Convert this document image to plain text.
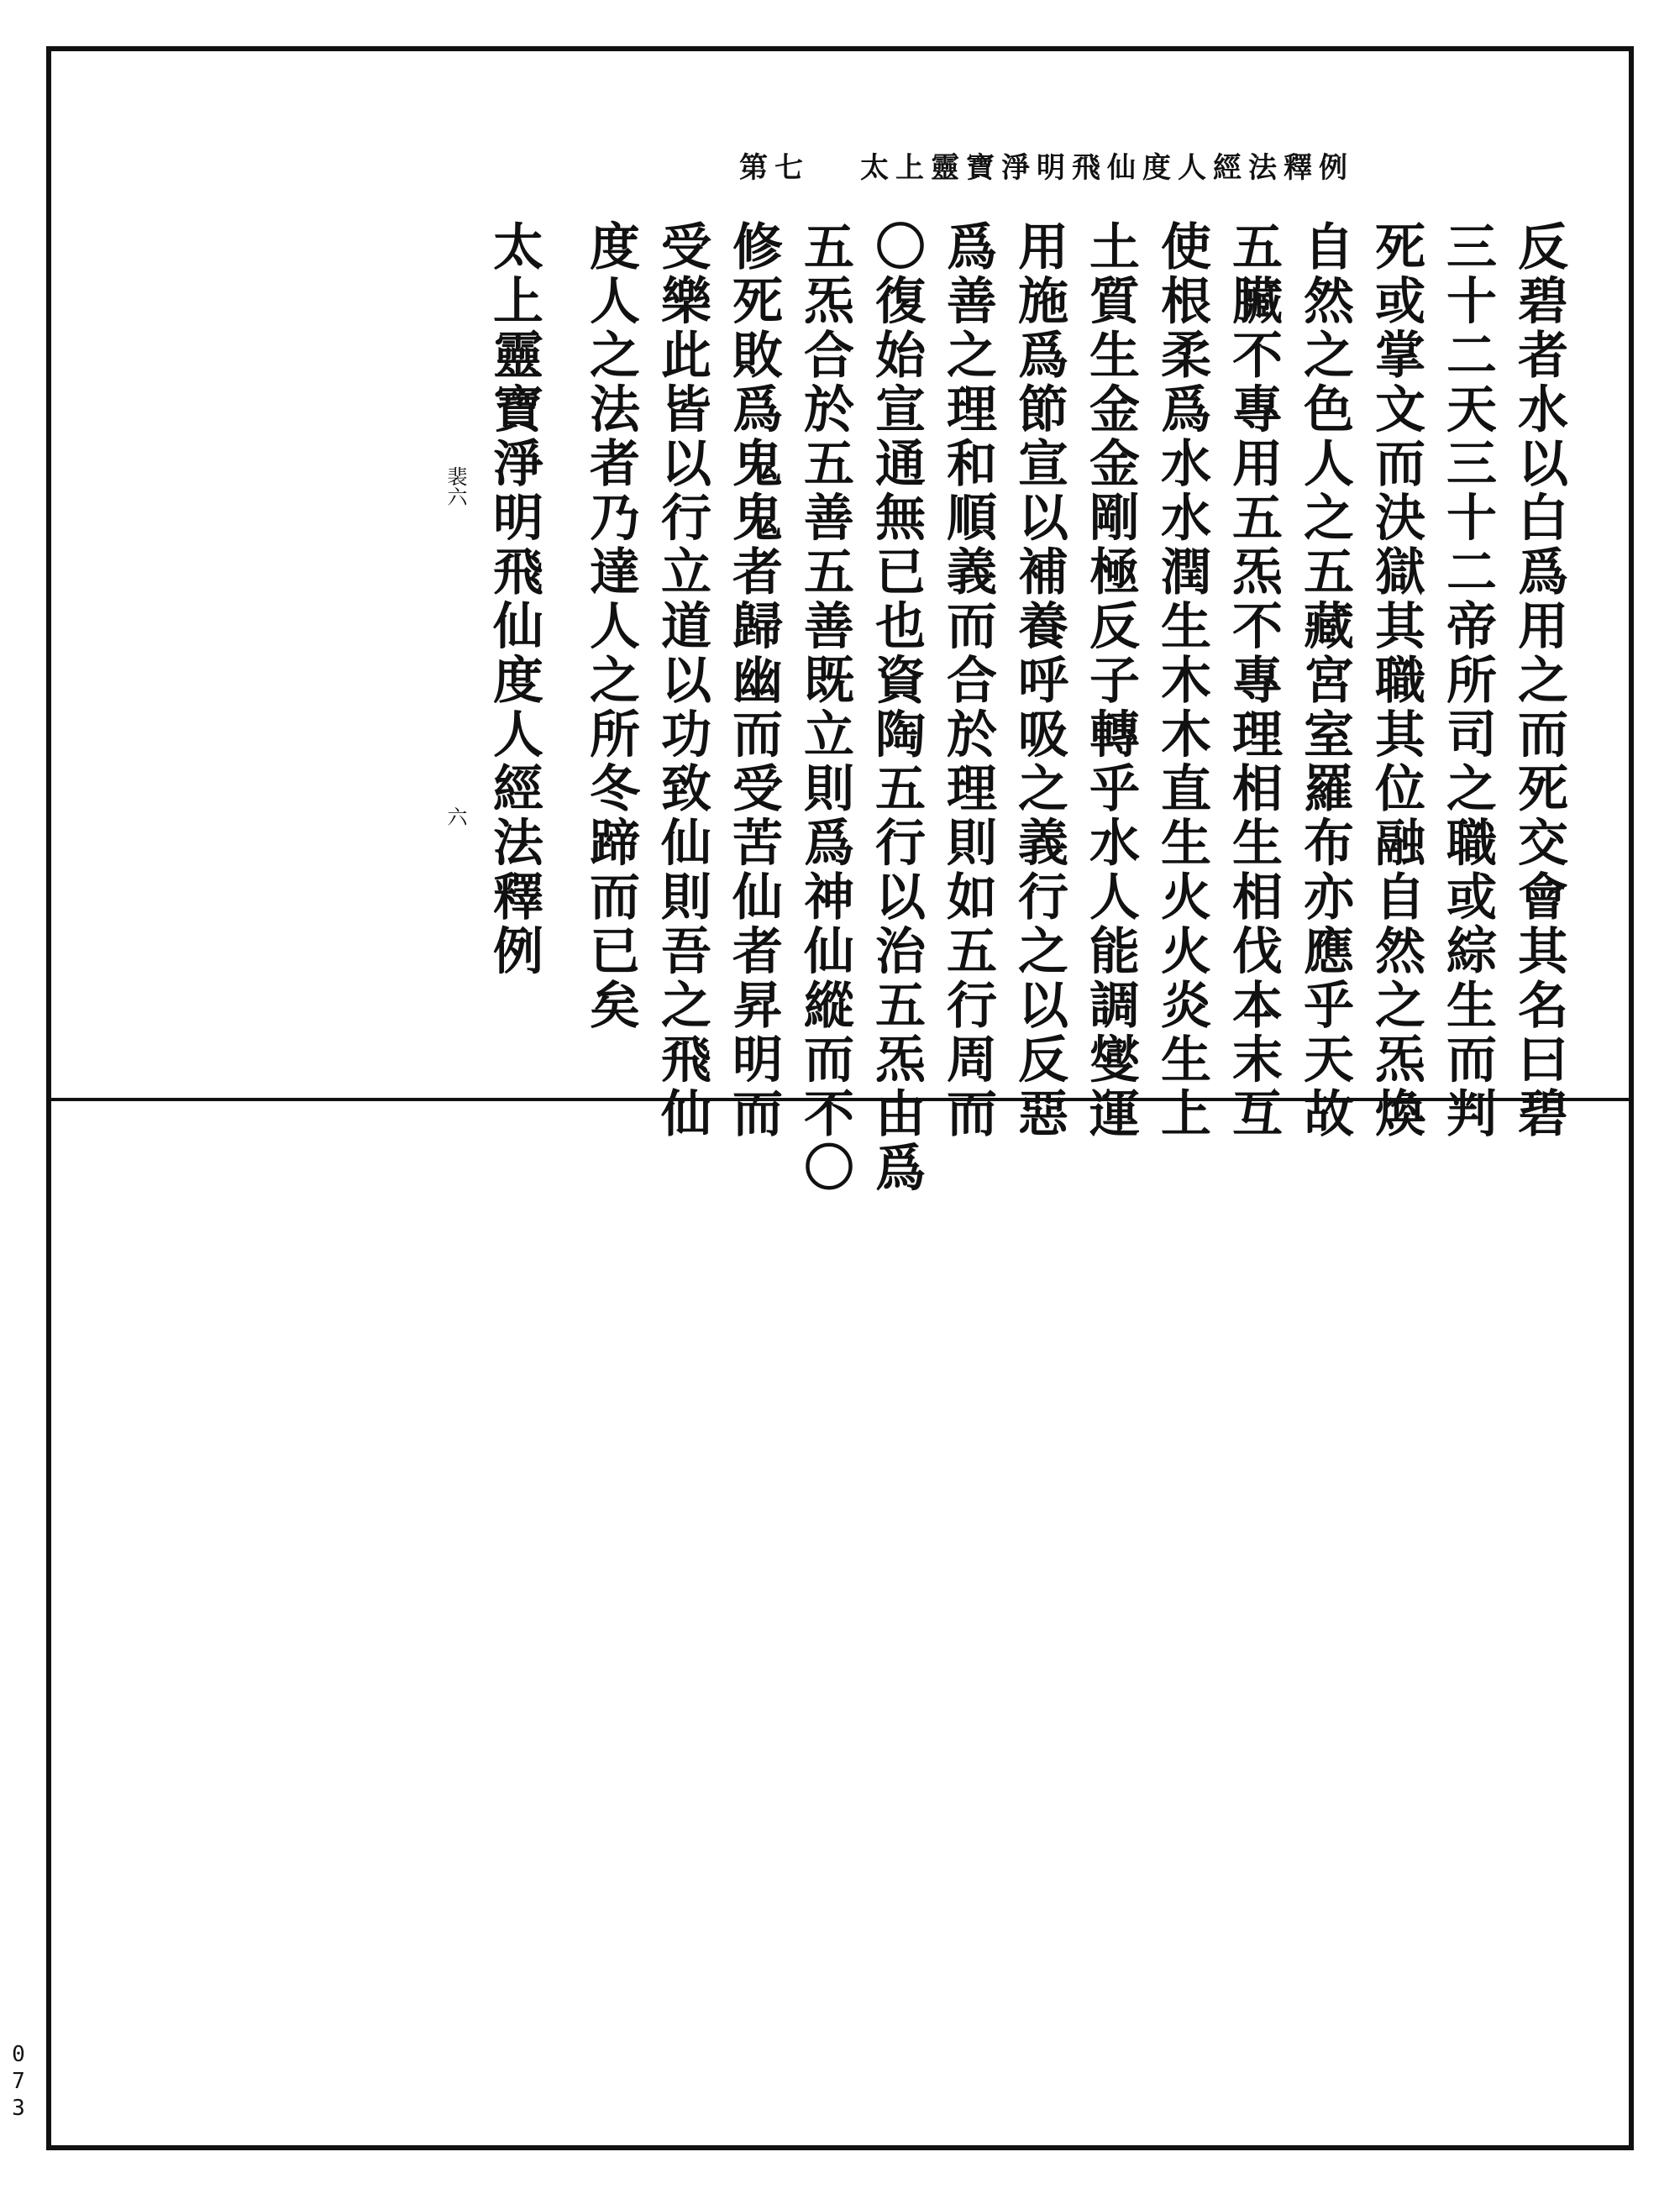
第七 太上靈寶淨明飛仙度人經法釋例
反碧者水以白爲用之而死交會其名曰碧
三十二天三十二帝所司之職或綜生而判
死或掌文而決獄其職其位融自然之炁煥
自然之色人之五藏宮室羅布亦應乎天故
五臟不專用五炁不專理相生相伐本末互
使根柔爲水水潤生木木直生火火炎生上
土質生金金剛極反子轉乎水人能調燮運
用施爲節宣以補養呼吸之義行之以反惡
爲善之理和順義而合於理則如五行周而
〇復始宣通無已也資陶五行以治五炁由爲
五炁合於五善五善既立則爲神仙縱而不〇
修死敗爲鬼鬼者歸幽而受苦仙者昇明而
受樂此皆以行立道以功致仙則吾之飛仙
度人之法者乃達人之所冬蹄而已矣
太上靈寶淨明飛仙度人經法釋例
裴六
六
0
7
3
